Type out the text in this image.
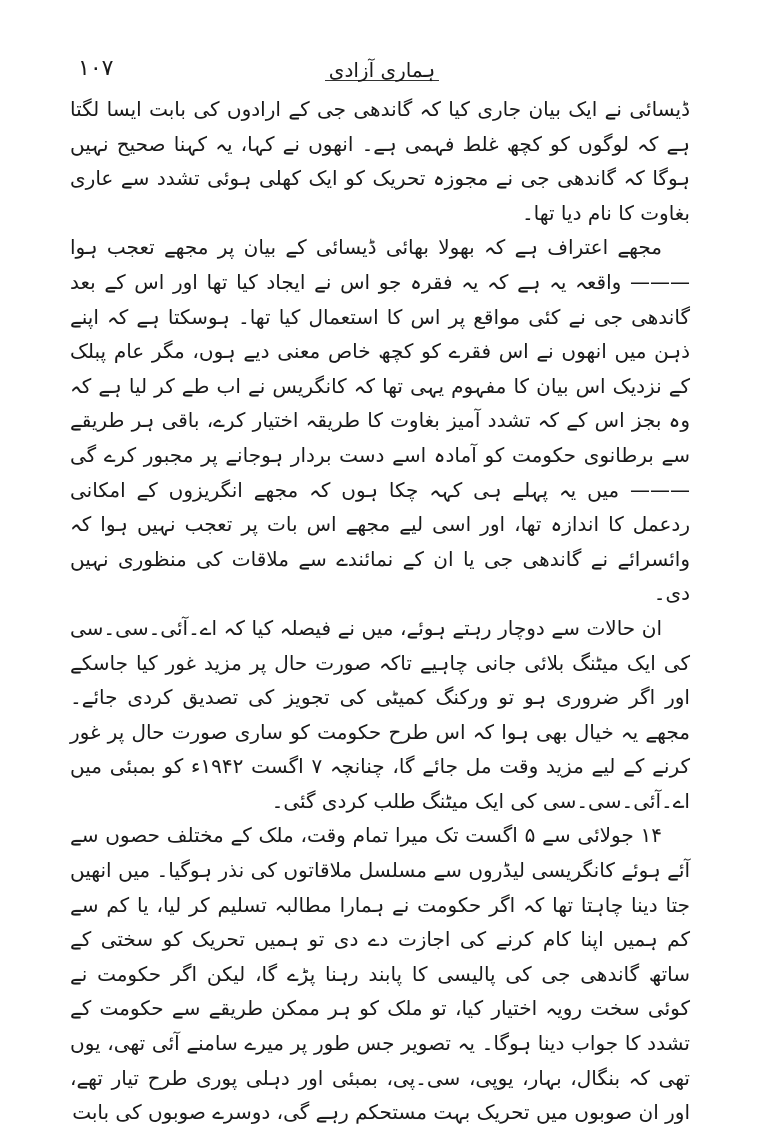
۱۰۷	ہماری آزادی

ڈیسائی نے ایک بیان جاری کیا کہ گاندھی جی کے ارادوں کی بابت ایسا لگتا ہے کہ لوگوں کو کچھ غلط فہمی ہے۔ انھوں نے کہا، یہ کہنا صحیح نہیں ہوگا کہ گاندھی جی نے مجوزہ تحریک کو ایک کھلی ہوئی تشدد سے عاری بغاوت کا نام دیا تھا۔

مجھے اعتراف ہے کہ بھولا بھائی ڈیسائی کے بیان پر مجھے تعجب ہوا ——— واقعہ یہ ہے کہ یہ فقرہ جو اس نے ایجاد کیا تھا اور اس کے بعد گاندھی جی نے کئی مواقع پر اس کا استعمال کیا تھا۔ ہوسکتا ہے کہ اپنے ذہن میں انھوں نے اس فقرے کو کچھ خاص معنی دیے ہوں، مگر عام پبلک کے نزدیک اس بیان کا مفہوم یہی تھا کہ کانگریس نے اب طے کر لیا ہے کہ وہ بجز اس کے کہ تشدد آمیز بغاوت کا طریقہ اختیار کرے، باقی ہر طریقے سے برطانوی حکومت کو آمادہ اسے دست بردار ہوجانے پر مجبور کرے گی ——— میں یہ پہلے ہی کہہ چکا ہوں کہ مجھے انگریزوں کے امکانی ردعمل کا اندازہ تھا، اور اسی لیے مجھے اس بات پر تعجب نہیں ہوا کہ وائسرائے نے گاندھی جی یا ان کے نمائندے سے ملاقات کی منظوری نہیں دی۔

ان حالات سے دوچار رہتے ہوئے، میں نے فیصلہ کیا کہ اے۔آئی۔سی۔سی کی ایک میٹنگ بلائی جانی چاہیے تاکہ صورت حال پر مزید غور کیا جاسکے اور اگر ضروری ہو تو ورکنگ کمیٹی کی تجویز کی تصدیق کردی جائے۔ مجھے یہ خیال بھی ہوا کہ اس طرح حکومت کو ساری صورت حال پر غور کرنے کے لیے مزید وقت مل جائے گا، چنانچہ ۷ اگست ۱۹۴۲ء کو بمبئی میں اے۔آئی۔سی۔سی کی ایک میٹنگ طلب کردی گئی۔

۱۴ جولائی سے ۵ اگست تک میرا تمام وقت، ملک کے مختلف حصوں سے آئے ہوئے کانگریسی لیڈروں سے مسلسل ملاقاتوں کی نذر ہوگیا۔ میں انھیں جتا دینا چاہتا تھا کہ اگر حکومت نے ہمارا مطالبہ تسلیم کر لیا، یا کم سے کم ہمیں اپنا کام کرنے کی اجازت دے دی تو ہمیں تحریک کو سختی کے ساتھ گاندھی جی کی پالیسی کا پابند رہنا پڑے گا، لیکن اگر حکومت نے کوئی سخت رویہ اختیار کیا، تو ملک کو ہر ممکن طریقے سے حکومت کے تشدد کا جواب دینا ہوگا۔ یہ تصویر جس طور پر میرے سامنے آئی تھی، یوں تھی کہ بنگال، بہار، یوپی، سی۔پی، بمبئی اور دہلی پوری طرح تیار تھے، اور ان صوبوں میں تحریک بہت مستحکم رہے گی، دوسرے صوبوں کی بابت
